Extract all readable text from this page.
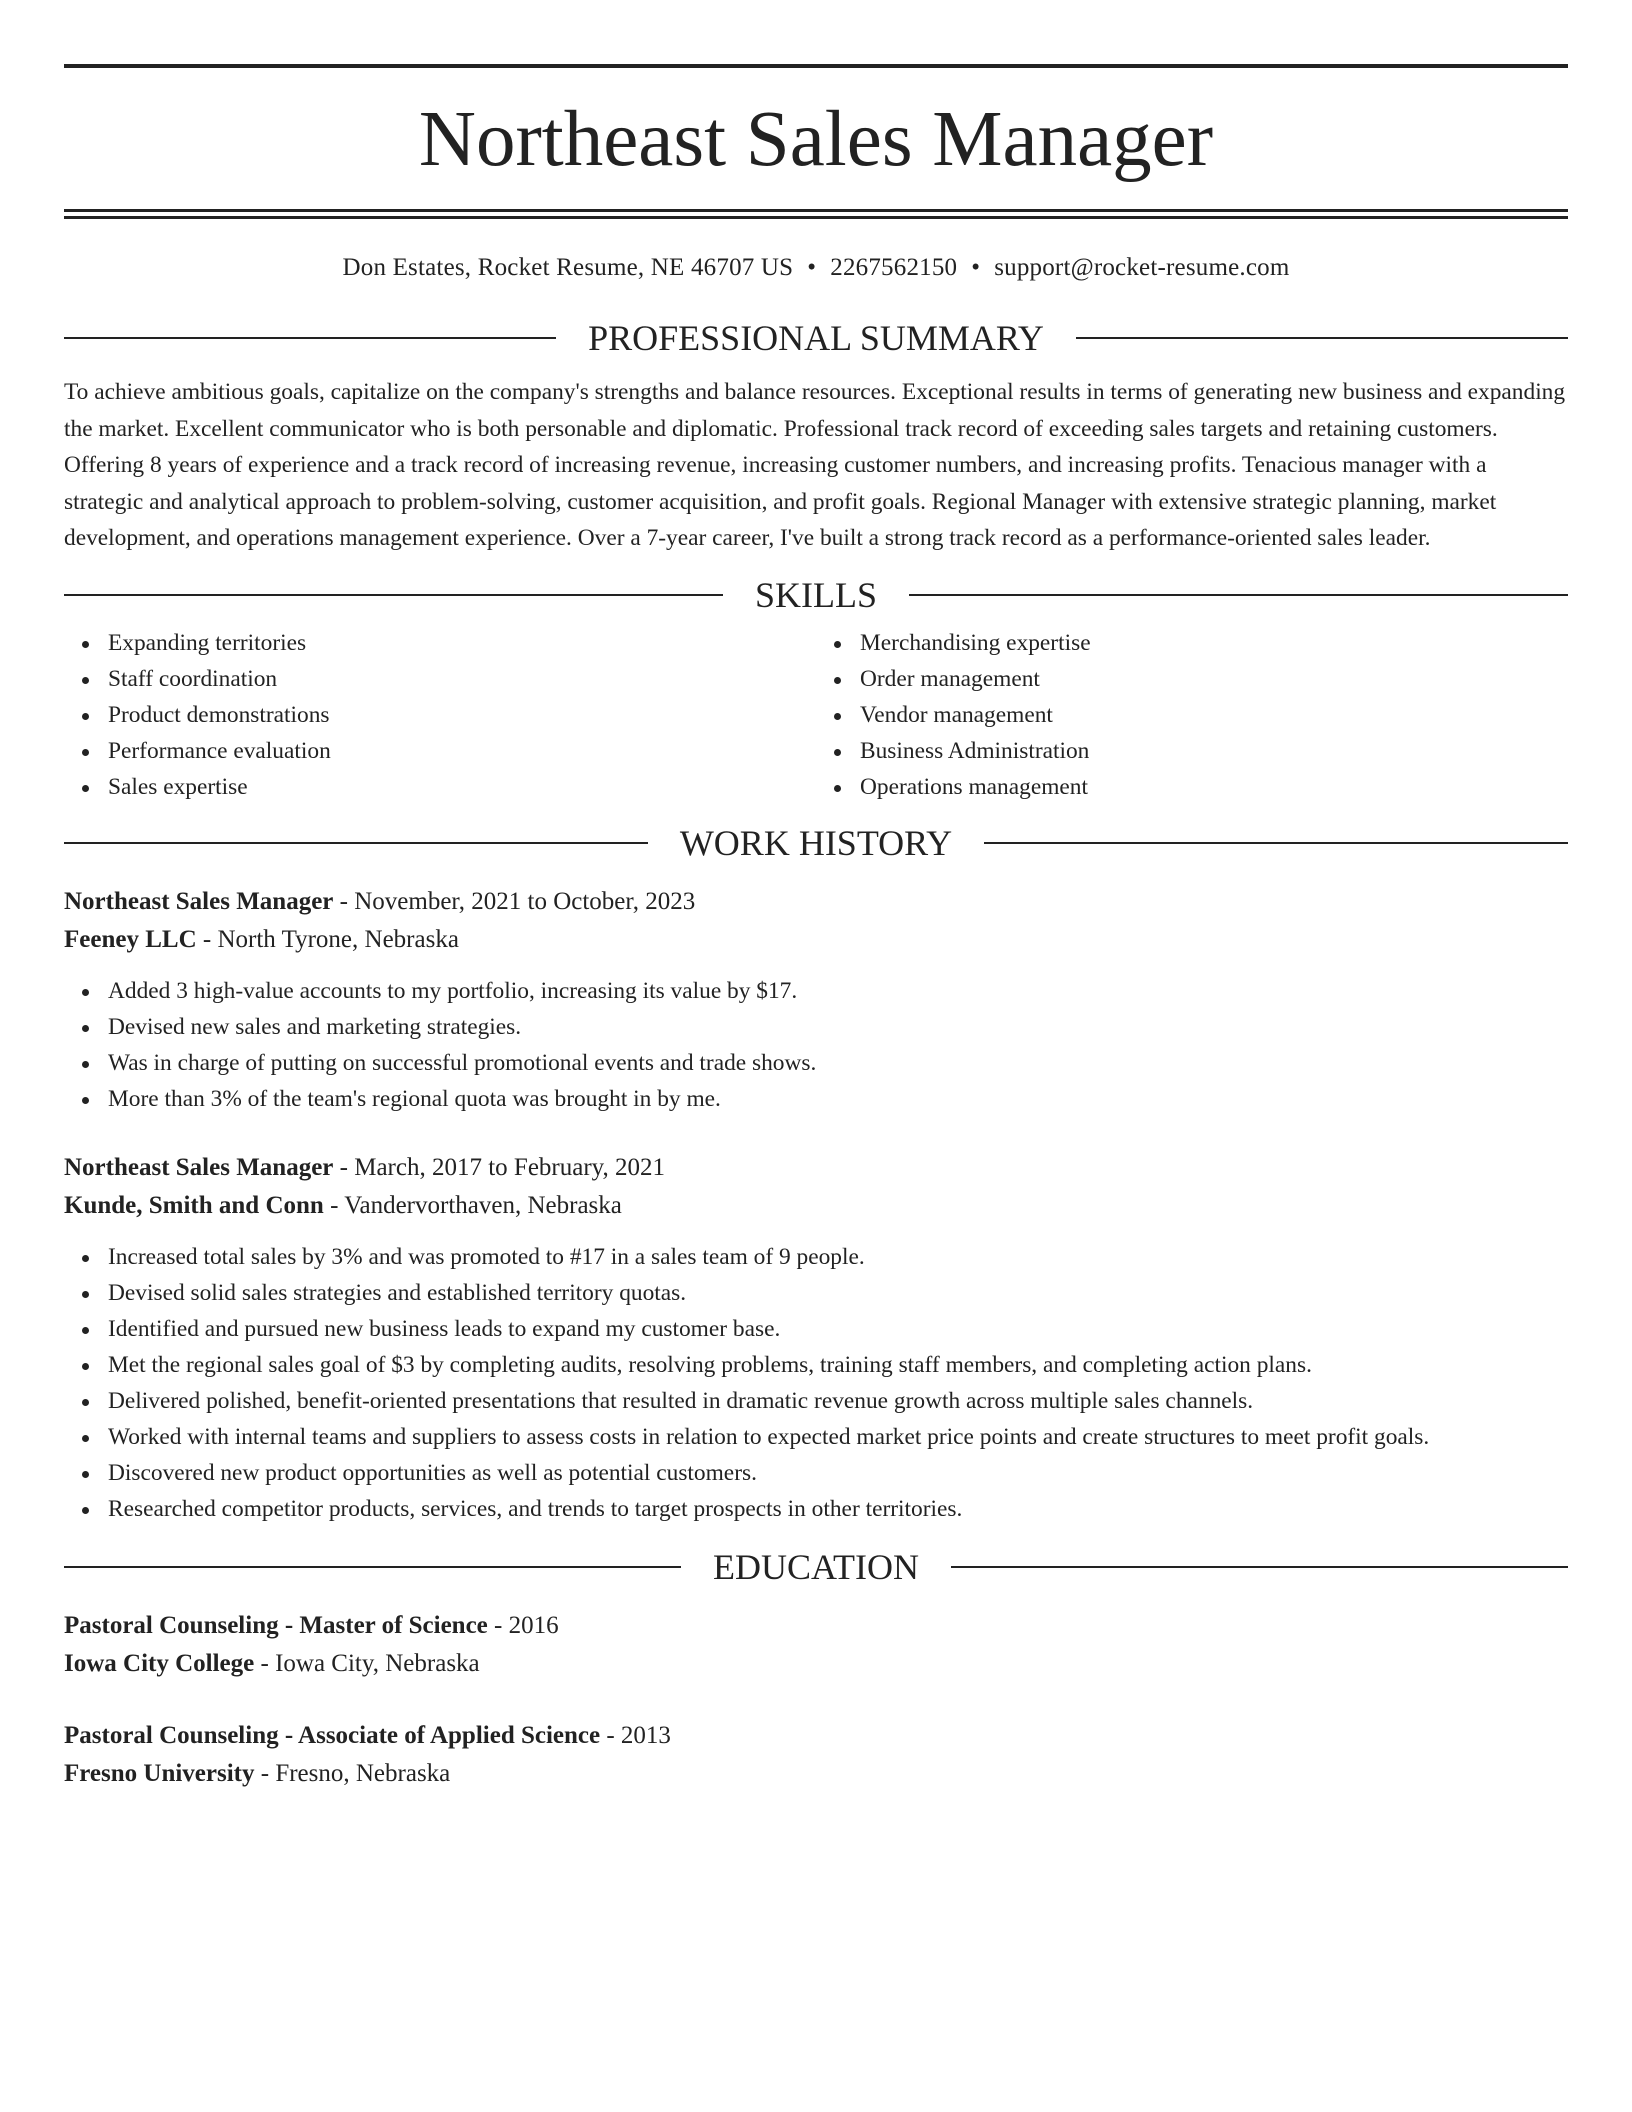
Northeast Sales Manager
Don Estates, Rocket Resume, NE 46707 US • 2267562150 • support@rocket-resume.com
PROFESSIONAL SUMMARY

To achieve ambitious goals, capitalize on the company's strengths and balance resources. Exceptional results in terms of generating new business and expanding the market. Excellent communicator who is both personable and diplomatic. Professional track record of exceeding sales targets and retaining customers. Offering 8 years of experience and a track record of increasing revenue, increasing customer numbers, and increasing profits. Tenacious manager with a strategic and analytical approach to problem-solving, customer acquisition, and profit goals. Regional Manager with extensive strategic planning, market development, and operations management experience. Over a 7-year career, I've built a strong track record as a performance-oriented sales leader.

SKILLS
Expanding territories
Staff coordination
Product demonstrations
Performance evaluation
Sales expertise
Merchandising expertise
Order management
Vendor management
Business Administration
Operations management
WORK HISTORY

Northeast Sales Manager - November, 2021 to October, 2023

Feeney LLC - North Tyrone, Nebraska

Added 3 high-value accounts to my portfolio, increasing its value by $17.
Devised new sales and marketing strategies.
Was in charge of putting on successful promotional events and trade shows.
More than 3% of the team's regional quota was brought in by me.

Northeast Sales Manager - March, 2017 to February, 2021

Kunde, Smith and Conn - Vandervorthaven, Nebraska

Increased total sales by 3% and was promoted to #17 in a sales team of 9 people.
Devised solid sales strategies and established territory quotas.
Identified and pursued new business leads to expand my customer base.
Met the regional sales goal of $3 by completing audits, resolving problems, training staff members, and completing action plans.
Delivered polished, benefit-oriented presentations that resulted in dramatic revenue growth across multiple sales channels.
Worked with internal teams and suppliers to assess costs in relation to expected market price points and create structures to meet profit goals.
Discovered new product opportunities as well as potential customers.
Researched competitor products, services, and trends to target prospects in other territories.
EDUCATION

Pastoral Counseling - Master of Science - 2016

Iowa City College - Iowa City, Nebraska

Pastoral Counseling - Associate of Applied Science - 2013

Fresno University - Fresno, Nebraska
